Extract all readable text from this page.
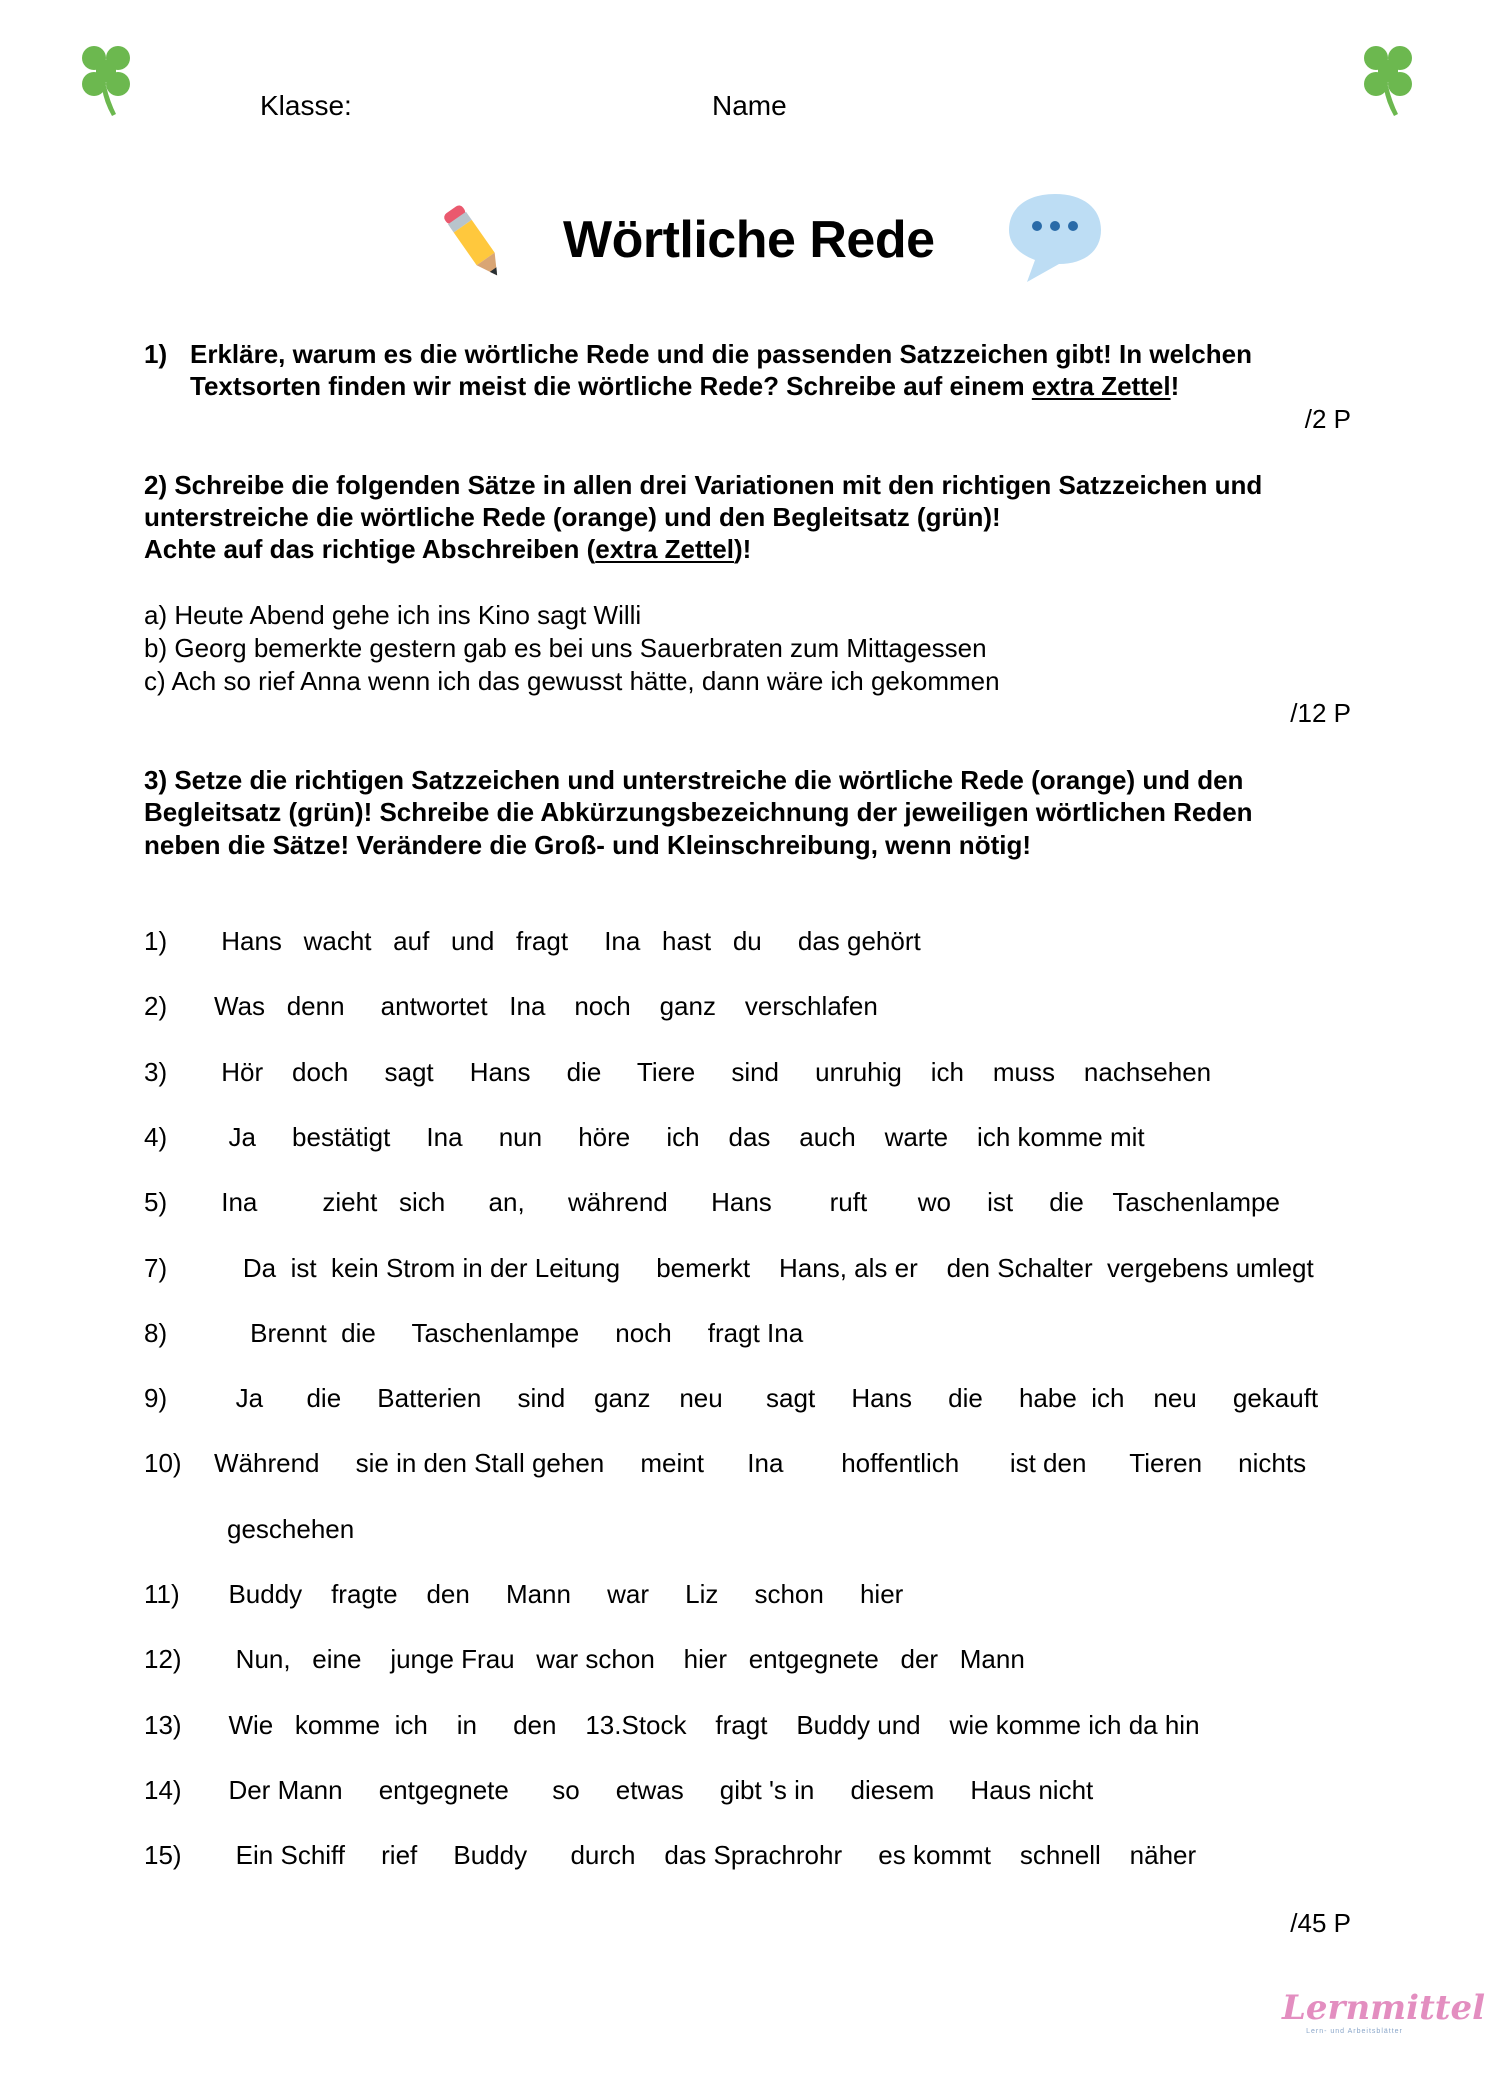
Klasse:	Name
Wörtliche Rede
1) Erkläre, warum es die wörtliche Rede und die passenden Satzzeichen gibt! In welchen
Textsorten finden wir meist die wörtliche Rede? Schreibe auf einem extra Zettel!
/2 P
2) Schreibe die folgenden Sätze in allen drei Variationen mit den richtigen Satzzeichen und
unterstreiche die wörtliche Rede (orange) und den Begleitsatz (grün)!
Achte auf das richtige Abschreiben (extra Zettel)!
a) Heute Abend gehe ich ins Kino sagt Willi
b) Georg bemerkte gestern gab es bei uns Sauerbraten zum Mittagessen
c) Ach so rief Anna wenn ich das gewusst hätte, dann wäre ich gekommen
/12 P
3) Setze die richtigen Satzzeichen und unterstreiche die wörtliche Rede (orange) und den
Begleitsatz (grün)! Schreibe die Abkürzungsbezeichnung der jeweiligen wörtlichen Reden
neben die Sätze! Verändere die Groß- und Kleinschreibung, wenn nötig!
1) Hans   wacht   auf   und   fragt     Ina   hast   du     das gehört
2) Was   denn     antwortet   Ina    noch    ganz    verschlafen
3) Hör    doch     sagt     Hans     die     Tiere     sind     unruhig    ich    muss    nachsehen
4)  Ja     bestätigt     Ina     nun     höre     ich    das    auch    warte    ich komme mit
5) Ina         zieht   sich      an,      während      Hans        ruft       wo     ist     die    Taschenlampe
7)    Da  ist  kein Strom in der Leitung     bemerkt    Hans, als er    den Schalter  vergebens umlegt
8)     Brennt  die     Taschenlampe     noch     fragt Ina
9)   Ja      die     Batterien     sind    ganz    neu      sagt     Hans     die     habe  ich    neu     gekauft
10) Während     sie in den Stall gehen     meint      Ina        hoffentlich       ist den      Tieren     nichts
geschehen
11)  Buddy    fragte    den     Mann     war     Liz     schon     hier
12)   Nun,   eine    junge Frau   war schon    hier   entgegnete   der   Mann
13)  Wie   komme  ich    in     den    13.Stock    fragt    Buddy und    wie komme ich da hin
14)  Der Mann     entgegnete      so     etwas     gibt 's in     diesem     Haus nicht
15)   Ein Schiff     rief     Buddy      durch    das Sprachrohr     es kommt    schnell    näher
/45 P
Lernmittel
Lern- und Arbeitsblätter
